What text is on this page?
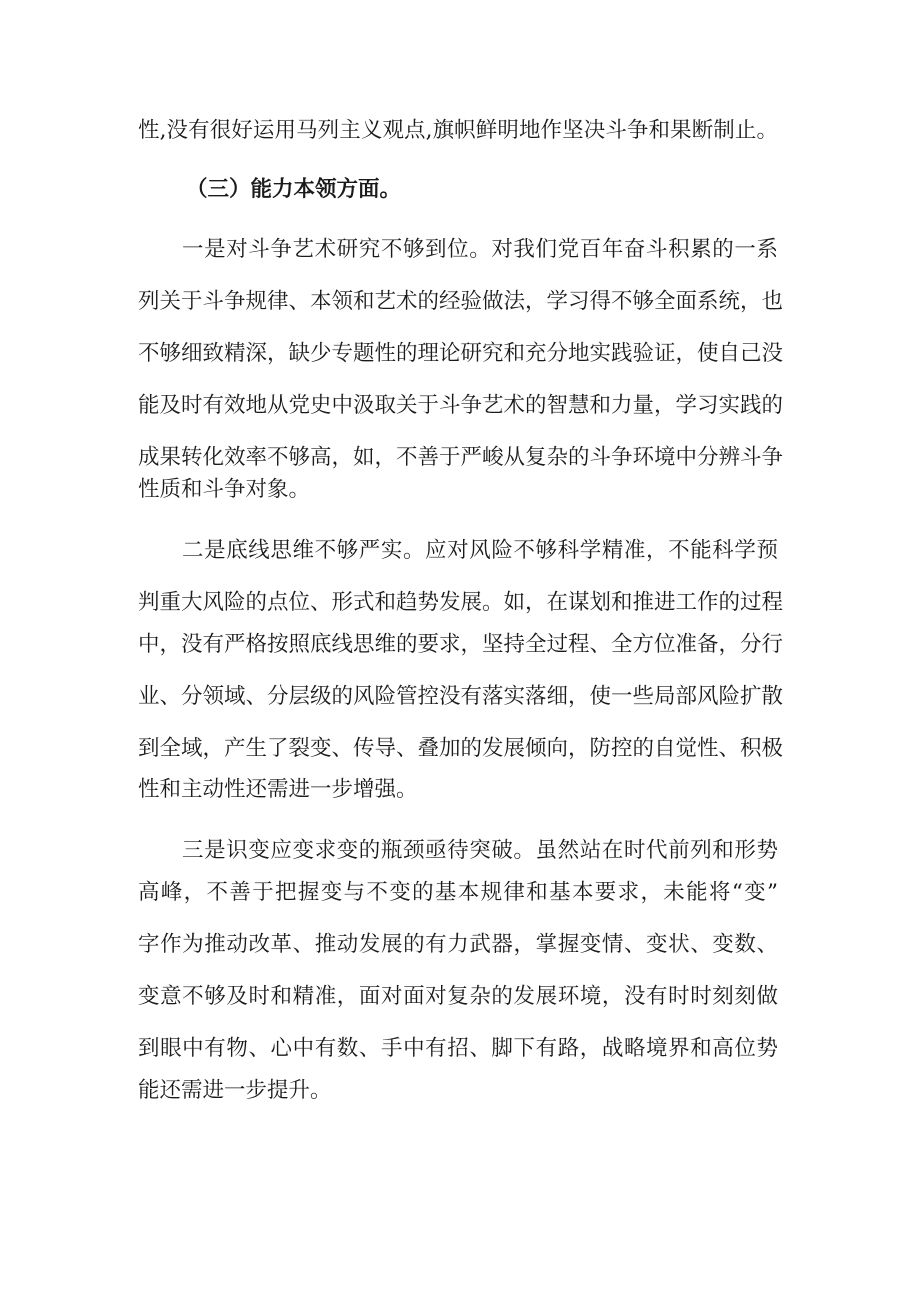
性,没有很好运用马列主义观点,旗帜鲜明地作坚决斗争和果断制止。
（三）能力本领方面。
一是对斗争艺术研究不够到位。对我们党百年奋斗积累的一系
列关于斗争规律、本领和艺术的经验做法，学习得不够全面系统，也
不够细致精深，缺少专题性的理论研究和充分地实践验证，使自己没
能及时有效地从党史中汲取关于斗争艺术的智慧和力量，学习实践的
成果转化效率不够高，如，不善于严峻从复杂的斗争环境中分辨斗争
性质和斗争对象。
二是底线思维不够严实。应对风险不够科学精准，不能科学预
判重大风险的点位、形式和趋势发展。如，在谋划和推进工作的过程
中，没有严格按照底线思维的要求，坚持全过程、全方位准备，分行
业、分领域、分层级的风险管控没有落实落细，使一些局部风险扩散
到全域，产生了裂变、传导、叠加的发展倾向，防控的自觉性、积极
性和主动性还需进一步增强。
三是识变应变求变的瓶颈亟待突破。虽然站在时代前列和形势
高峰，不善于把握变与不变的基本规律和基本要求，未能将“变”
字作为推动改革、推动发展的有力武器，掌握变情、变状、变数、
变意不够及时和精准，面对面对复杂的发展环境，没有时时刻刻做
到眼中有物、心中有数、手中有招、脚下有路，战略境界和高位势
能还需进一步提升。
